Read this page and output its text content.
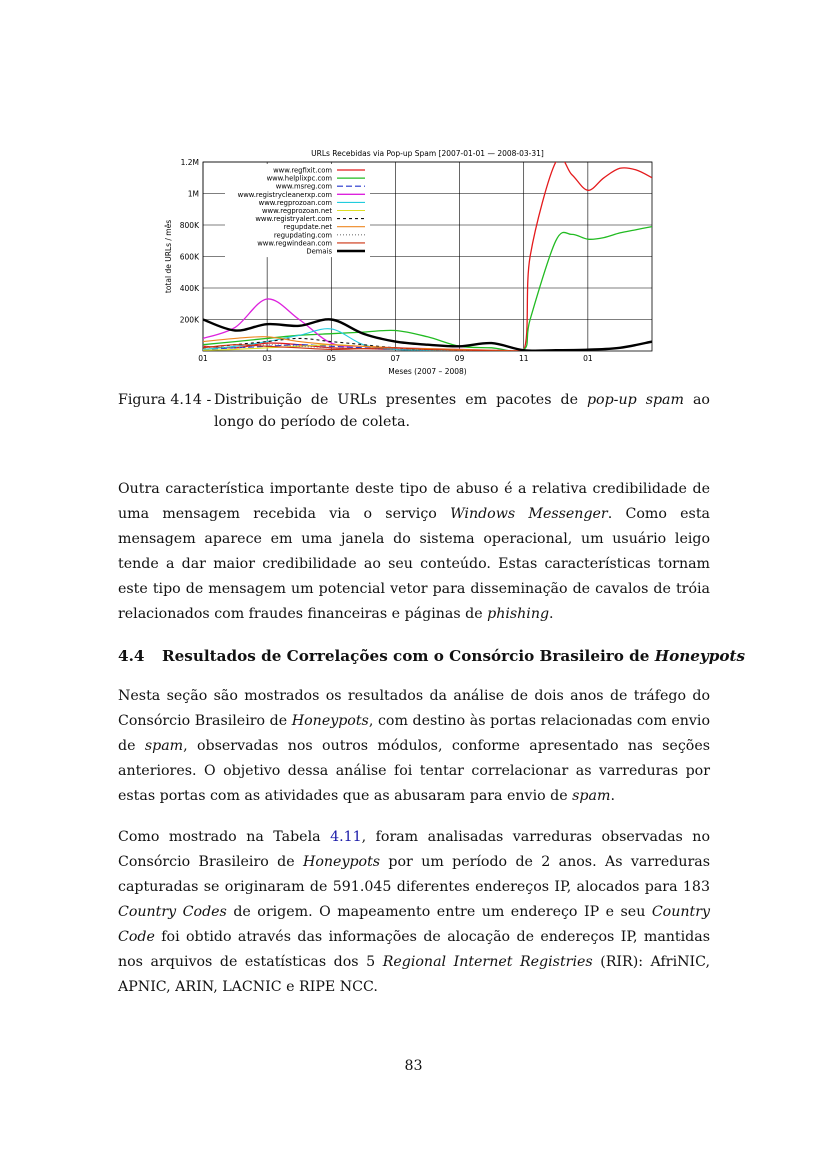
URLs Recebidas via Pop-up Spam [2007-01-01 — 2008-03-31]
01	03	05	07	09	11	01
200K
400K
600K
800K
1M
1.2M
Meses (2007 – 2008)
total de URLs / mês
www.regfixit.com
www.helplixpc.com
www.msreg.com
www.registrycleanerxp.com
www.regprozoan.com
www.regprozoan.net
www.registryalert.com
regupdate.net
regupdating.com
www.regwindean.com
Demais
Figura 4.14 - Distribuição de URLs presentes em pacotes de pop-up spam ao longo do período de coleta.

Outra característica importante deste tipo de abuso é a relativa credibilidade de uma mensagem recebida via o serviço Windows Messenger. Como esta mensagem aparece em uma janela do sistema operacional, um usuário leigo tende a dar maior credibilidade ao seu conteúdo. Estas características tornam este tipo de mensagem um potencial vetor para disseminação de cavalos de tróia relacionados com fraudes financeiras e páginas de phishing.

4.4 Resultados de Correlações com o Consórcio Brasileiro de Honeypots

Nesta seção são mostrados os resultados da análise de dois anos de tráfego do Consórcio Brasileiro de Honeypots, com destino às portas relacionadas com envio de spam, observadas nos outros módulos, conforme apresentado nas seções anteriores. O objetivo dessa análise foi tentar correlacionar as varreduras por estas portas com as atividades que as abusaram para envio de spam.

Como mostrado na Tabela 4.11, foram analisadas varreduras observadas no Consórcio Brasileiro de Honeypots por um período de 2 anos. As varreduras capturadas se originaram de 591.045 diferentes endereços IP, alocados para 183 Country Codes de origem. O mapeamento entre um endereço IP e seu Country Code foi obtido através das informações de alocação de endereços IP, mantidas nos arquivos de estatísticas dos 5 Regional Internet Registries (RIR): AfriNIC, APNIC, ARIN, LACNIC e RIPE NCC.

83
